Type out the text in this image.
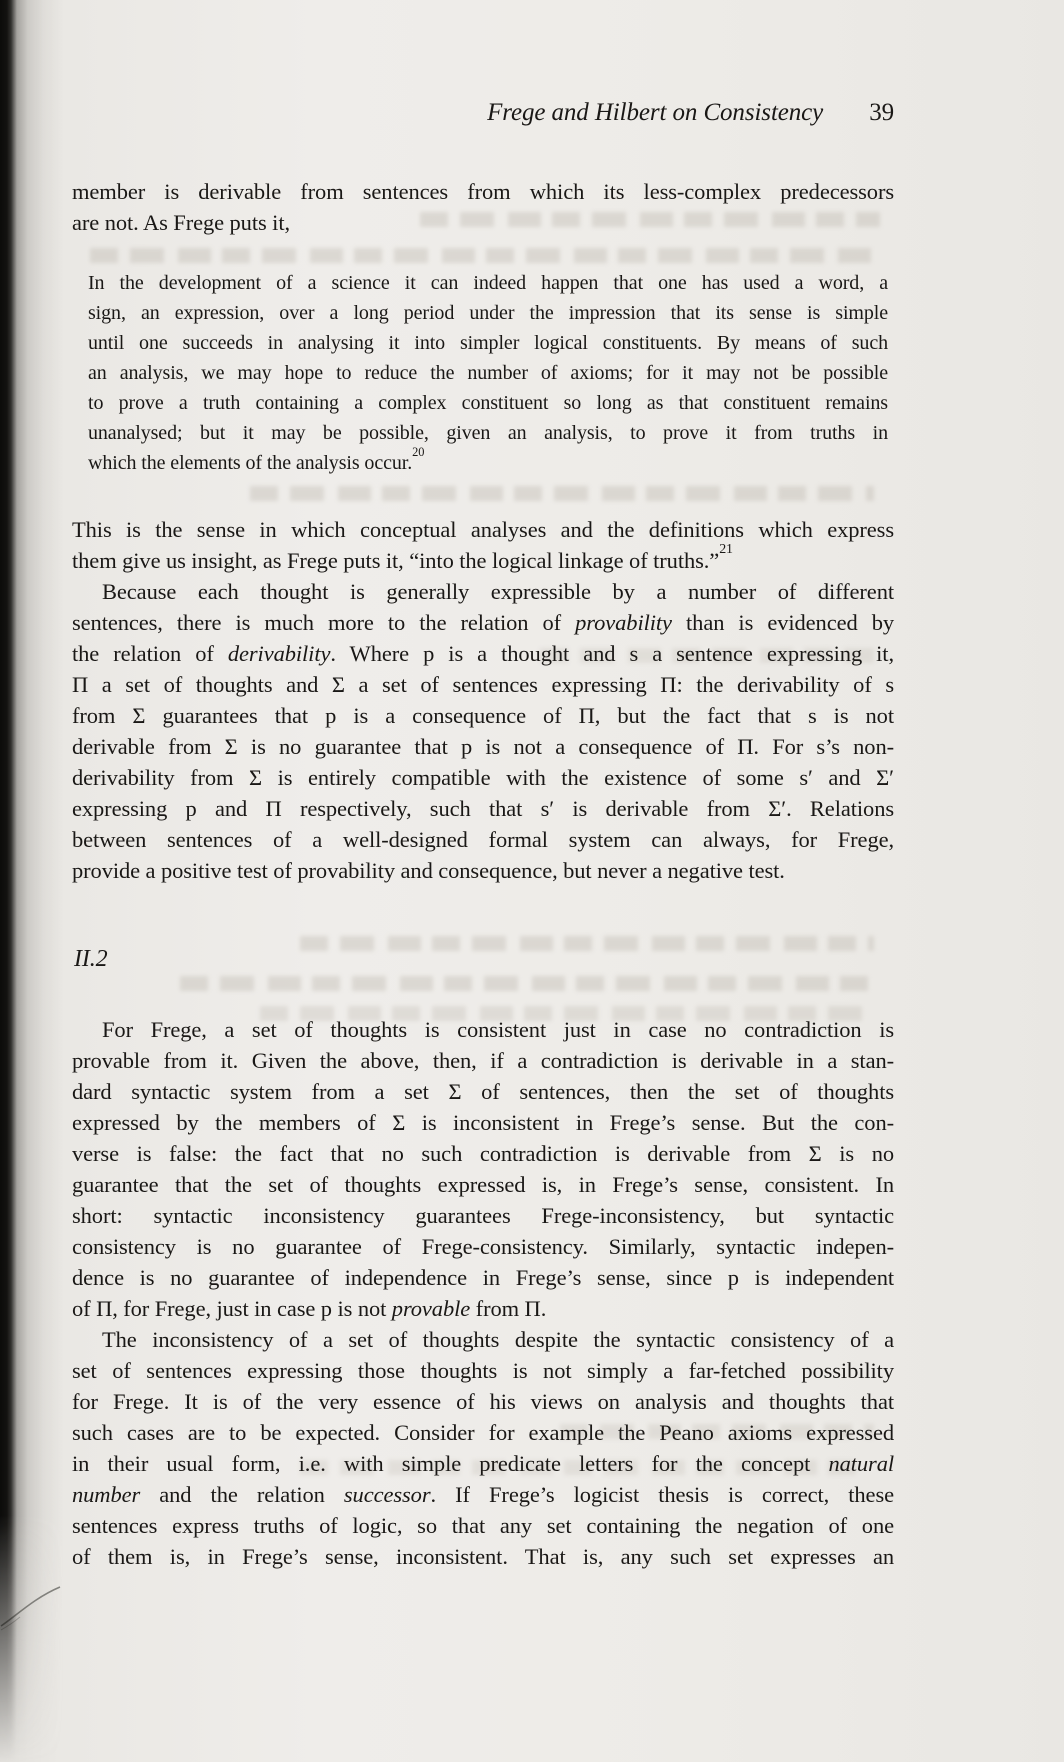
Frege and Hilbert on Consistency 39
member is derivable from sentences from which its less-complex predecessors
are not. As Frege puts it,
In the development of a science it can indeed happen that one has used a word, a
sign, an expression, over a long period under the impression that its sense is simple
until one succeeds in analysing it into simpler logical constituents. By means of such
an analysis, we may hope to reduce the number of axioms; for it may not be possible
to prove a truth containing a complex constituent so long as that constituent remains
unanalysed; but it may be possible, given an analysis, to prove it from truths in
which the elements of the analysis occur.$^{20}$
This is the sense in which conceptual analyses and the definitions which express
them give us insight, as Frege puts it, “into the logical linkage of truths.”$^{21}$
Because each thought is generally expressible by a number of different
sentences, there is much more to the relation of provability than is evidenced by
the relation of derivability. Where p is a thought and s a sentence expressing it,
Π a set of thoughts and Σ a set of sentences expressing Π: the derivability of s
from Σ guarantees that p is a consequence of Π, but the fact that s is not
derivable from Σ is no guarantee that p is not a consequence of Π. For s’s non-
derivability from Σ is entirely compatible with the existence of some s′ and Σ′
expressing p and Π respectively, such that s′ is derivable from Σ′. Relations
between sentences of a well-designed formal system can always, for Frege,
provide a positive test of provability and consequence, but never a negative test.
II.2
For Frege, a set of thoughts is consistent just in case no contradiction is
provable from it. Given the above, then, if a contradiction is derivable in a stan-
dard syntactic system from a set Σ of sentences, then the set of thoughts
expressed by the members of Σ is inconsistent in Frege’s sense. But the con-
verse is false: the fact that no such contradiction is derivable from Σ is no
guarantee that the set of thoughts expressed is, in Frege’s sense, consistent. In
short: syntactic inconsistency guarantees Frege-inconsistency, but syntactic
consistency is no guarantee of Frege-consistency. Similarly, syntactic indepen-
dence is no guarantee of independence in Frege’s sense, since p is independent
of Π, for Frege, just in case p is not provable from Π.
The inconsistency of a set of thoughts despite the syntactic consistency of a
set of sentences expressing those thoughts is not simply a far-fetched possibility
for Frege. It is of the very essence of his views on analysis and thoughts that
such cases are to be expected. Consider for example the Peano axioms expressed
in their usual form, i.e. with simple predicate letters for the concept natural
number and the relation successor. If Frege’s logicist thesis is correct, these
sentences express truths of logic, so that any set containing the negation of one
of them is, in Frege’s sense, inconsistent. That is, any such set expresses an
